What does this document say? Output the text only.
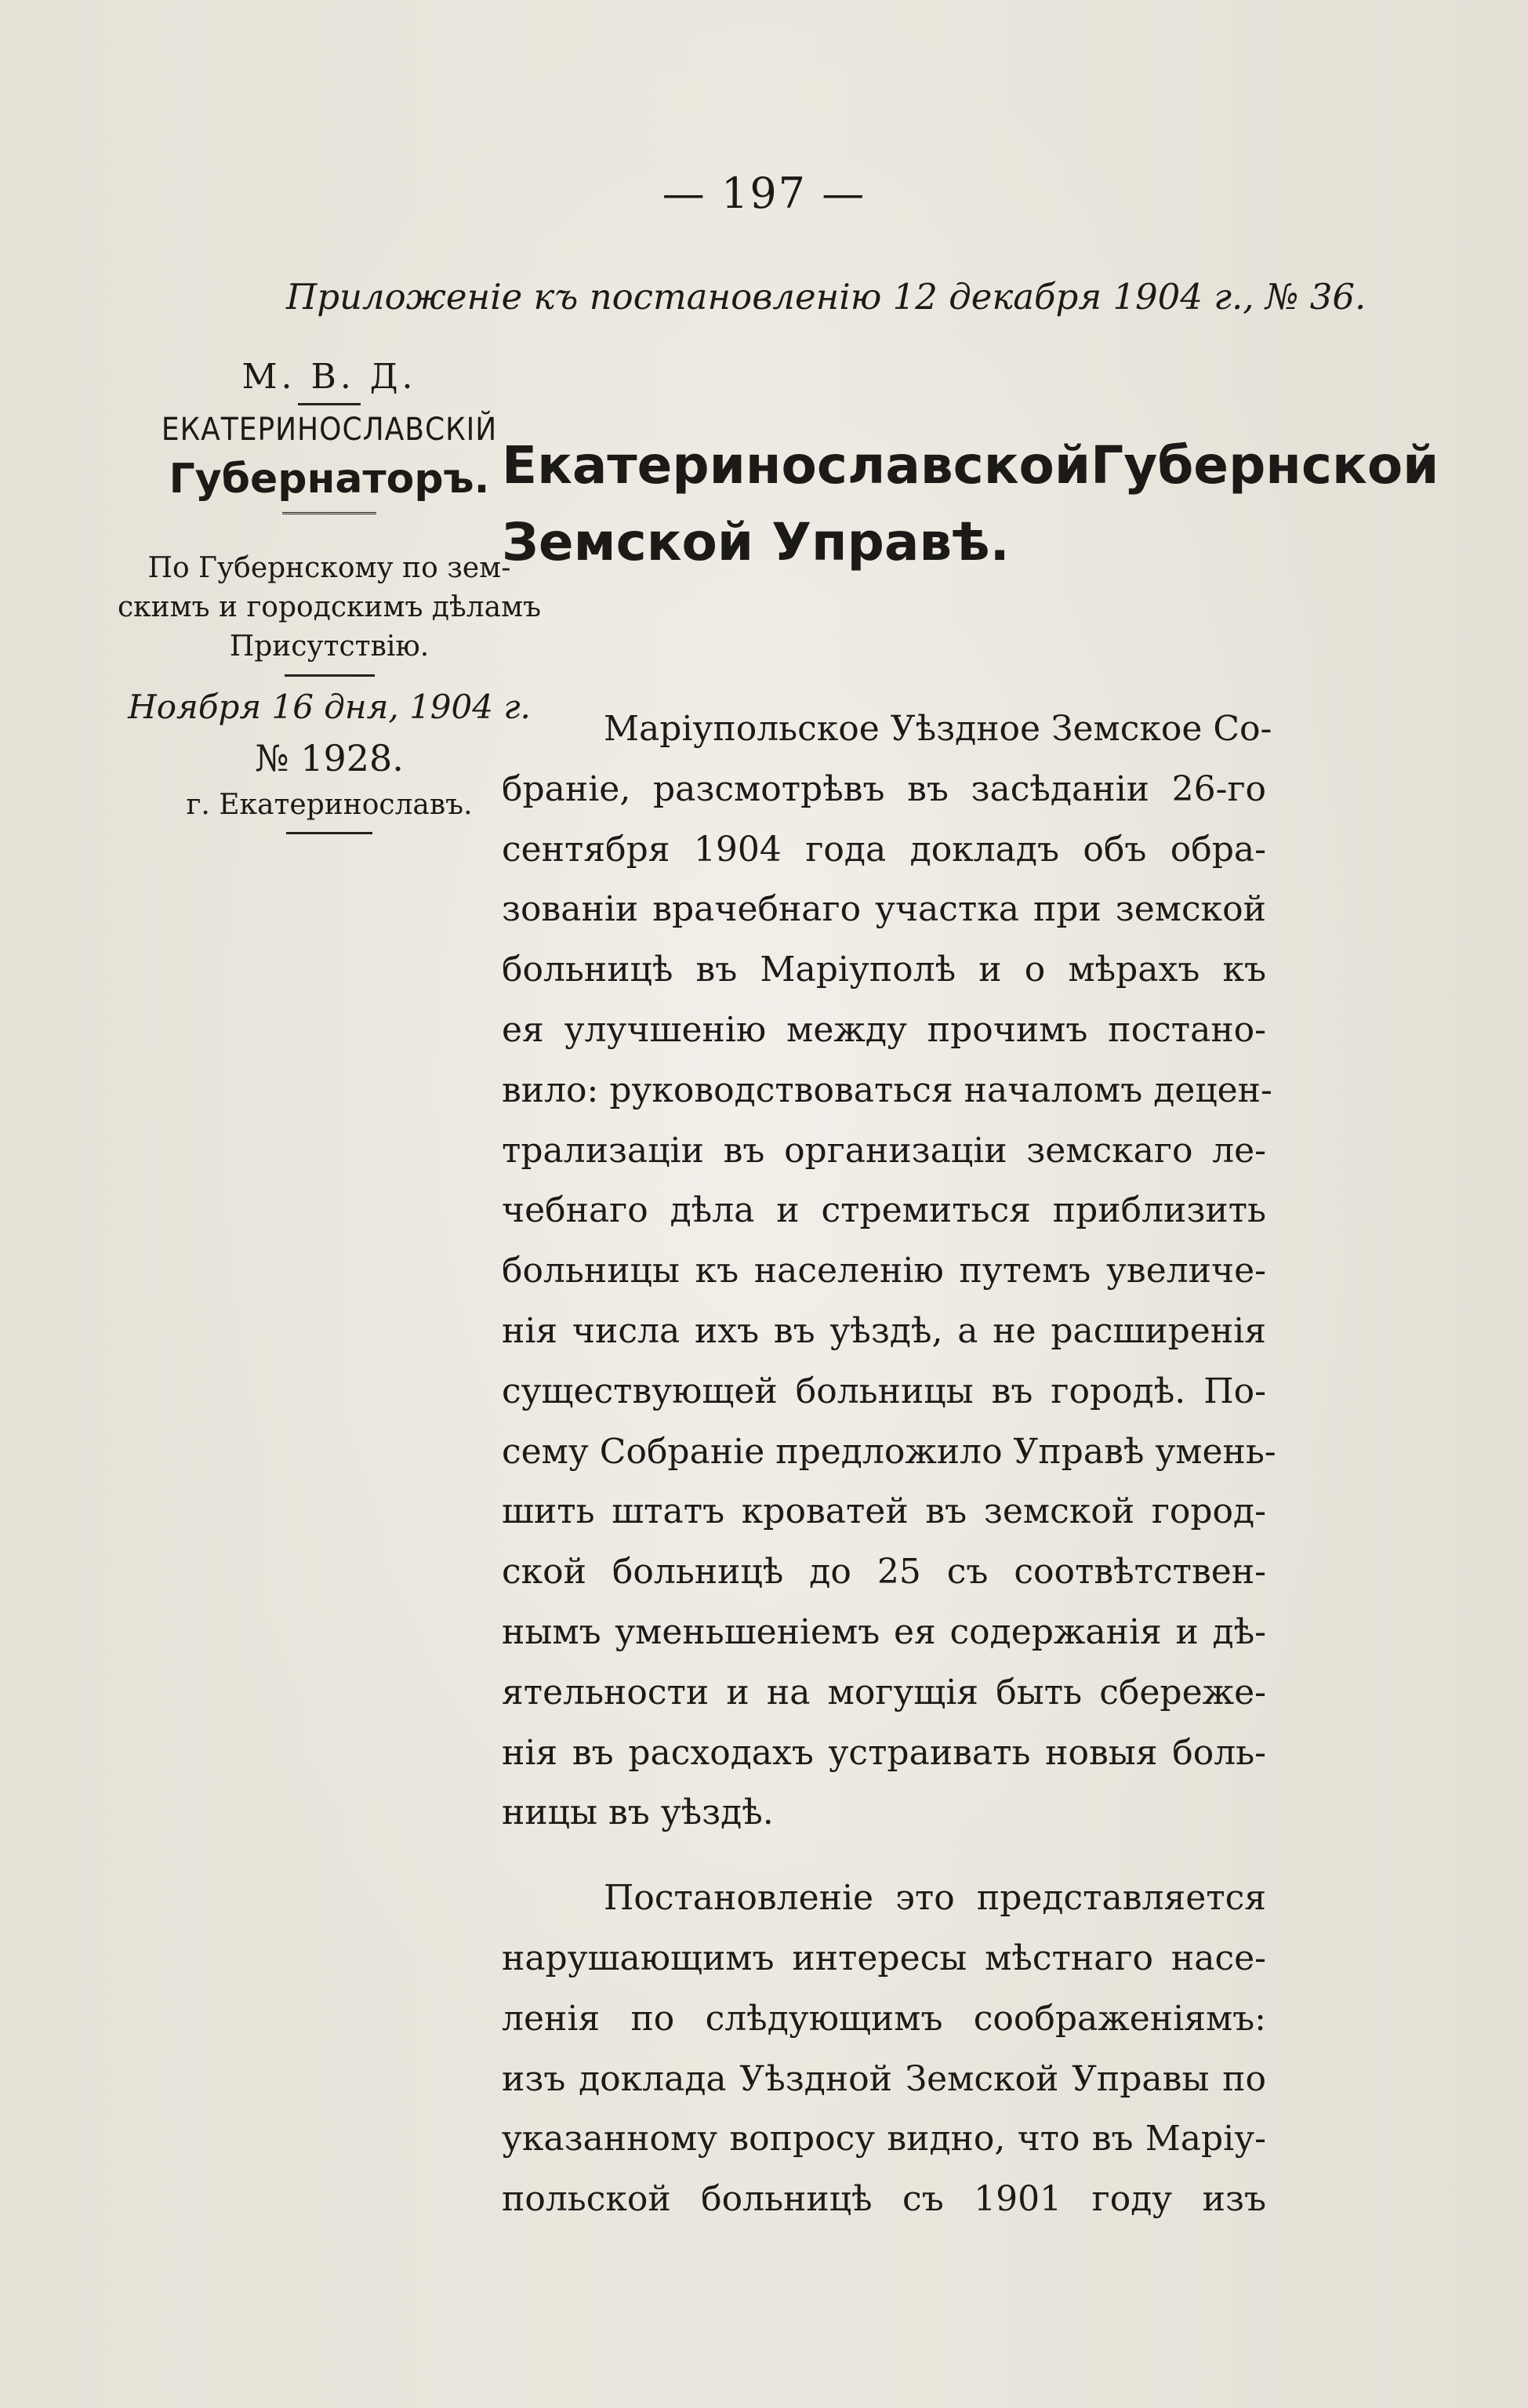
— 197 —
Приложеніе къ постановленію 12 декабря 1904 г., № 36.
М. В. Д.
ЕКАТЕРИНОСЛАВСКІЙ
Губернаторъ.
По Губернскому по зем-
скимъ и городскимъ дѣламъ
Присутствію.
Ноября 16 дня, 1904 г.
№ 1928.
г. Екатеринославъ.
Екатеринославской Губернской
Земской Управѣ.
Маріупольское Уѣздное Земское Со-
браніе, разсмотрѣвъ въ засѣданіи 26-го
сентября 1904 года докладъ объ обра-
зованіи врачебнаго участка при земской
больницѣ въ Маріуполѣ и о мѣрахъ къ
ея улучшенію между прочимъ постано-
вило: руководствоваться началомъ децен-
трализаціи въ организаціи земскаго ле-
чебнаго дѣла и стремиться приблизить
больницы къ населенію путемъ увеличе-
нія числа ихъ въ уѣздѣ, а не расширенія
существующей больницы въ городѣ. По-
сему Собраніе предложило Управѣ умень-
шить штатъ кроватей въ земской город-
ской больницѣ до 25 съ соотвѣтствен-
нымъ уменьшеніемъ ея содержанія и дѣ-
ятельности и на могущія быть сбереже-
нія въ расходахъ устраивать новыя боль-
ницы въ уѣздѣ.
Постановленіе это представляется
нарушающимъ интересы мѣстнаго насе-
ленія по слѣдующимъ соображеніямъ:
изъ доклада Уѣздной Земской Управы по
указанному вопросу видно, что въ Маріу-
польской больницѣ съ 1901 году изъ
